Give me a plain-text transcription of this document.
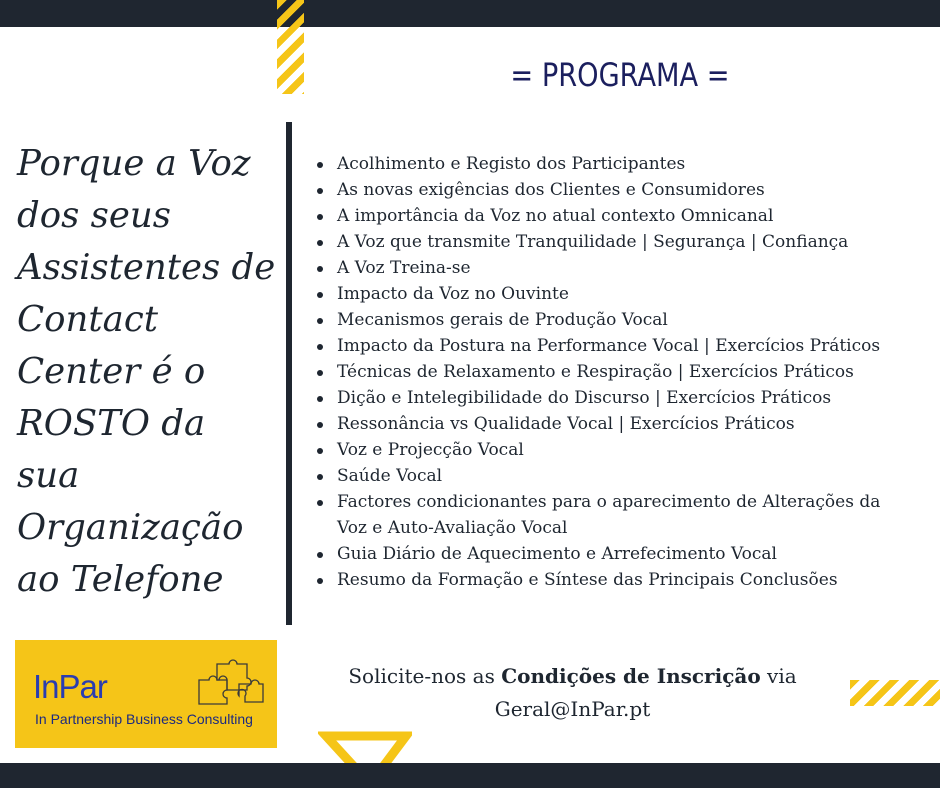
= PROGRAMA =
Porque a Voz
dos seus
Assistentes de
Contact
Center é o
ROSTO da
sua
Organização
ao Telefone
Acolhimento e Registo dos Participantes
As novas exigências dos Clientes e Consumidores
A importância da Voz no atual contexto Omnicanal
A Voz que transmite Tranquilidade | Segurança | Confiança
A Voz Treina-se
Impacto da Voz no Ouvinte
Mecanismos gerais de Produção Vocal
Impacto da Postura na Performance Vocal | Exercícios Práticos
Técnicas de Relaxamento e Respiração | Exercícios Práticos
Dição e Intelegibilidade do Discurso | Exercícios Práticos
Ressonância vs Qualidade Vocal | Exercícios Práticos
Voz e Projecção Vocal
Saúde Vocal
Factores condicionantes para o aparecimento de Alterações da
Voz e Auto-Avaliação Vocal
Guia Diário de Aquecimento e Arrefecimento Vocal
Resumo da Formação e Síntese das Principais Conclusões
InPar
In Partnership Business Consulting
Solicite-nos as Condições de Inscrição via
Geral@InPar.pt
